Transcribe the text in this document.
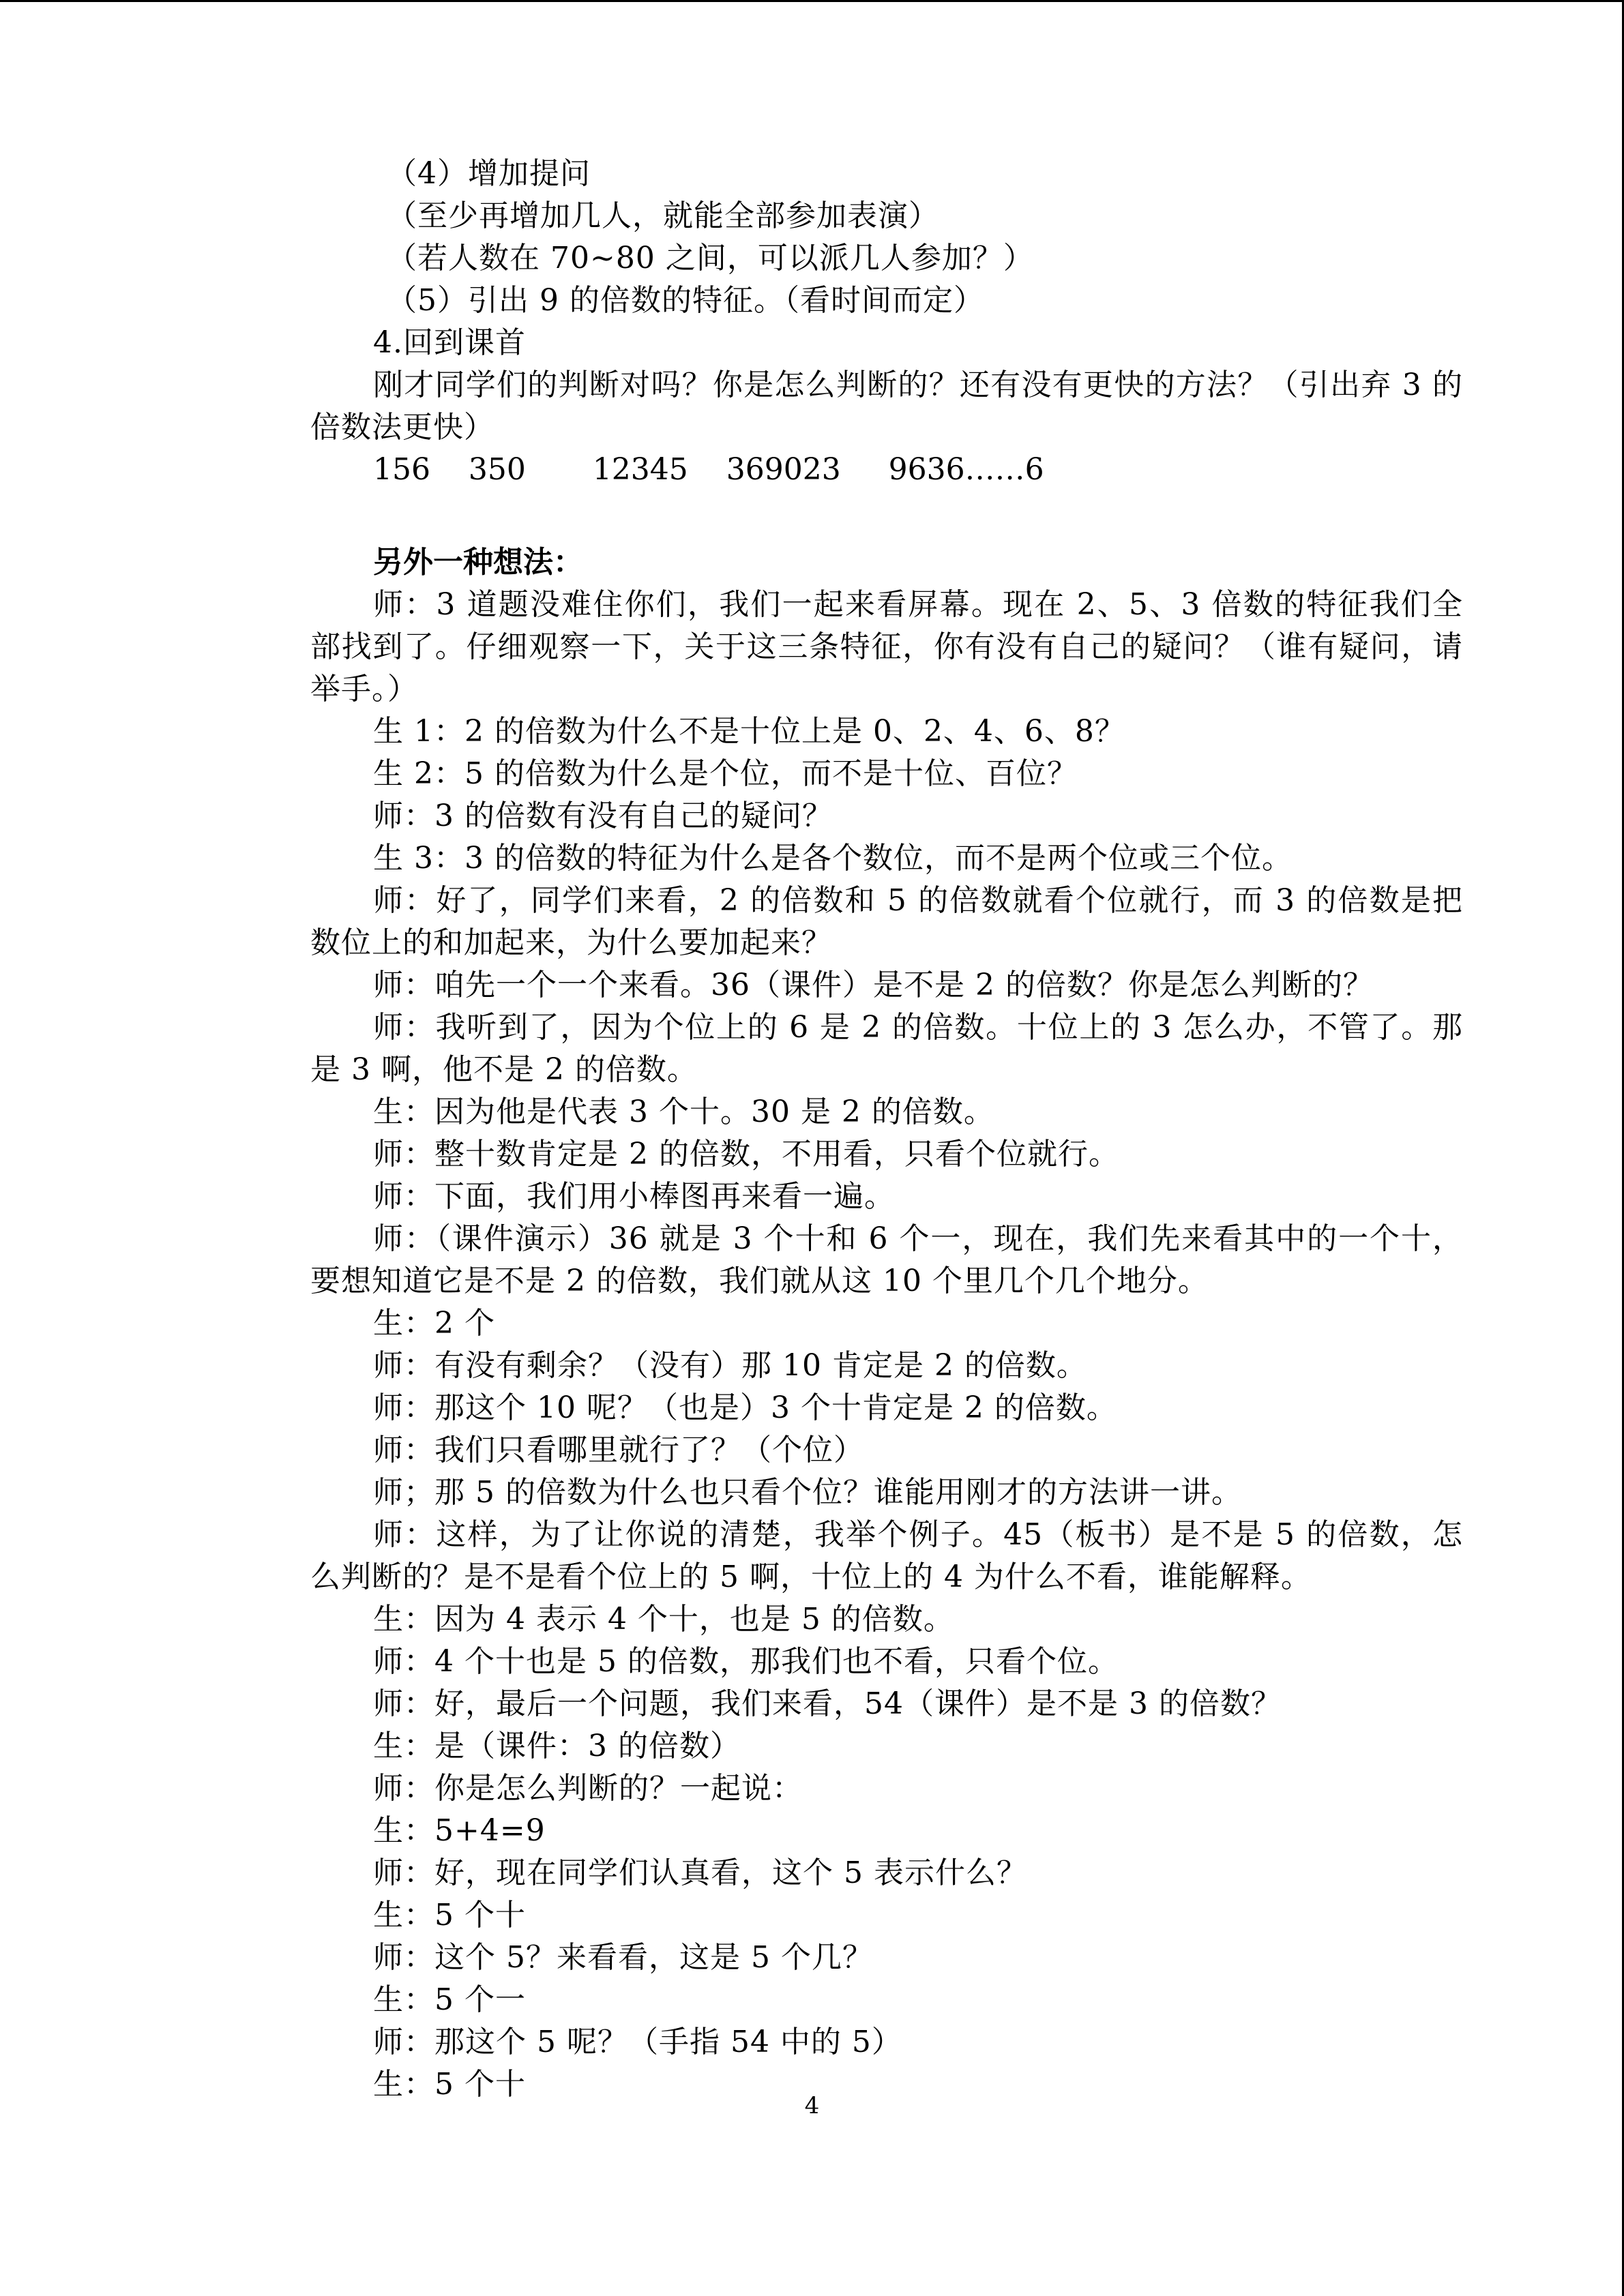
（4）增加提问
（至少再增加几人，就能全部参加表演）
（若人数在 70~80 之间，可以派几人参加？）
（5）引出 9 的倍数的特征。（看时间而定）
4.回到课首
刚才同学们的判断对吗？你是怎么判断的？还有没有更快的方法？（引出弃 3 的倍数法更快）
156    350       12345    369023     9636……6
另外一种想法：
师：3 道题没难住你们，我们一起来看屏幕。现在 2、5、3 倍数的特征我们全部找到了。仔细观察一下，关于这三条特征，你有没有自己的疑问？（谁有疑问，请举手。）
生 1：2 的倍数为什么不是十位上是 0、2、4、6、8？
生 2：5 的倍数为什么是个位，而不是十位、百位？
师：3 的倍数有没有自己的疑问？
生 3：3 的倍数的特征为什么是各个数位，而不是两个位或三个位。
师：好了，同学们来看，2 的倍数和 5 的倍数就看个位就行，而 3 的倍数是把数位上的和加起来，为什么要加起来？
师：咱先一个一个来看。36（课件）是不是 2 的倍数？你是怎么判断的？
师：我听到了，因为个位上的 6 是 2 的倍数。十位上的 3 怎么办，不管了。那是 3 啊，他不是 2 的倍数。
生：因为他是代表 3 个十。30 是 2 的倍数。
师：整十数肯定是 2 的倍数，不用看，只看个位就行。
师：下面，我们用小棒图再来看一遍。
师：（课件演示）36 就是 3 个十和 6 个一，现在，我们先来看其中的一个十，要想知道它是不是 2 的倍数，我们就从这 10 个里几个几个地分。
生：2 个
师：有没有剩余？（没有）那 10 肯定是 2 的倍数。
师：那这个 10 呢？（也是）3 个十肯定是 2 的倍数。
师：我们只看哪里就行了？（个位）
师；那 5 的倍数为什么也只看个位？谁能用刚才的方法讲一讲。
师：这样，为了让你说的清楚，我举个例子。45（板书）是不是 5 的倍数，怎么判断的？是不是看个位上的 5 啊，十位上的 4 为什么不看，谁能解释。
生：因为 4 表示 4 个十，也是 5 的倍数。
师：4 个十也是 5 的倍数，那我们也不看，只看个位。
师：好，最后一个问题，我们来看，54（课件）是不是 3 的倍数？
生：是（课件：3 的倍数）
师：你是怎么判断的？一起说：
生：5+4=9
师：好，现在同学们认真看，这个 5 表示什么？
生：5 个十
师：这个 5？来看看，这是 5 个几？
生：5 个一
师：那这个 5 呢？（手指 54 中的 5）
生：5 个十
4
